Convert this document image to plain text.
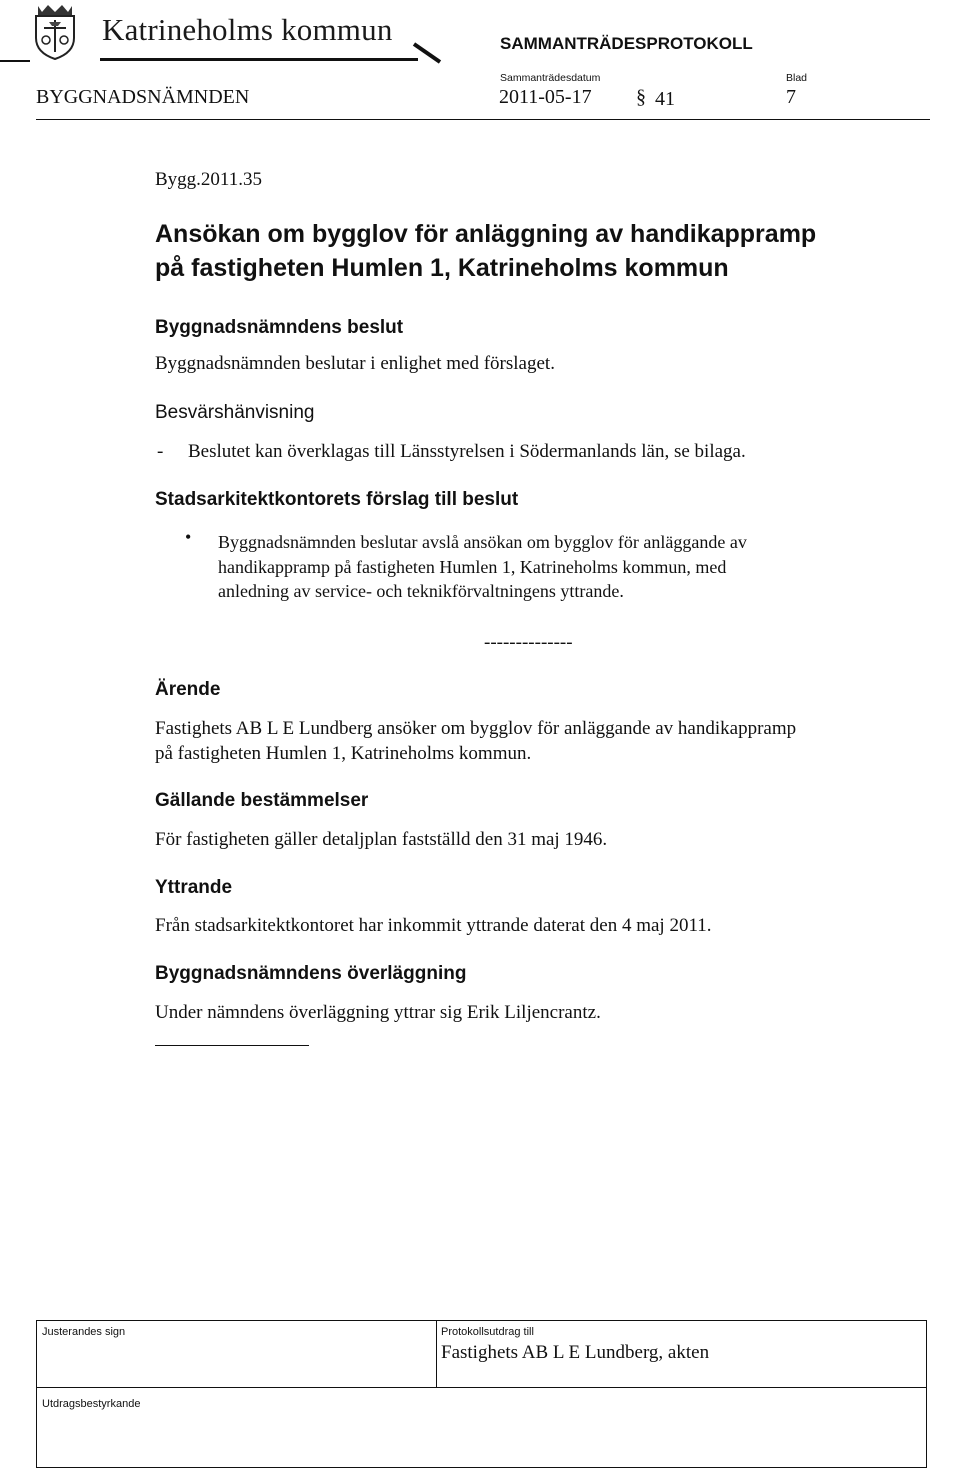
Katrineholms kommun	SAMMANTRÄDESPROTOKOLL
Sammanträdesdatum	Blad
BYGGNADSNÄMNDEN	2011-05-17 § 41	7
Bygg.2011.35
Ansökan om bygglov för anläggning av handikappramp
på fastigheten Humlen 1, Katrineholms kommun
Byggnadsnämndens beslut
Byggnadsnämnden beslutar i enlighet med förslaget.
Besvärshänvisning
- Beslutet kan överklagas till Länsstyrelsen i Södermanlands län, se bilaga.
Stadsarkitektkontorets förslag till beslut
• Byggnadsnämnden beslutar avslå ansökan om bygglov för anläggande av
handikappramp på fastigheten Humlen 1, Katrineholms kommun, med
anledning av service- och teknikförvaltningens yttrande.
--------------
Ärende
Fastighets AB L E Lundberg ansöker om bygglov för anläggande av handikappramp
på fastigheten Humlen 1, Katrineholms kommun.
Gällande bestämmelser
För fastigheten gäller detaljplan fastställd den 31 maj 1946.
Yttrande
Från stadsarkitektkontoret har inkommit yttrande daterat den 4 maj 2011.
Byggnadsnämndens överläggning
Under nämndens överläggning yttrar sig Erik Liljencrantz.
Justerandes sign	Protokollsutdrag till
Fastighets AB L E Lundberg, akten
Utdragsbestyrkande
